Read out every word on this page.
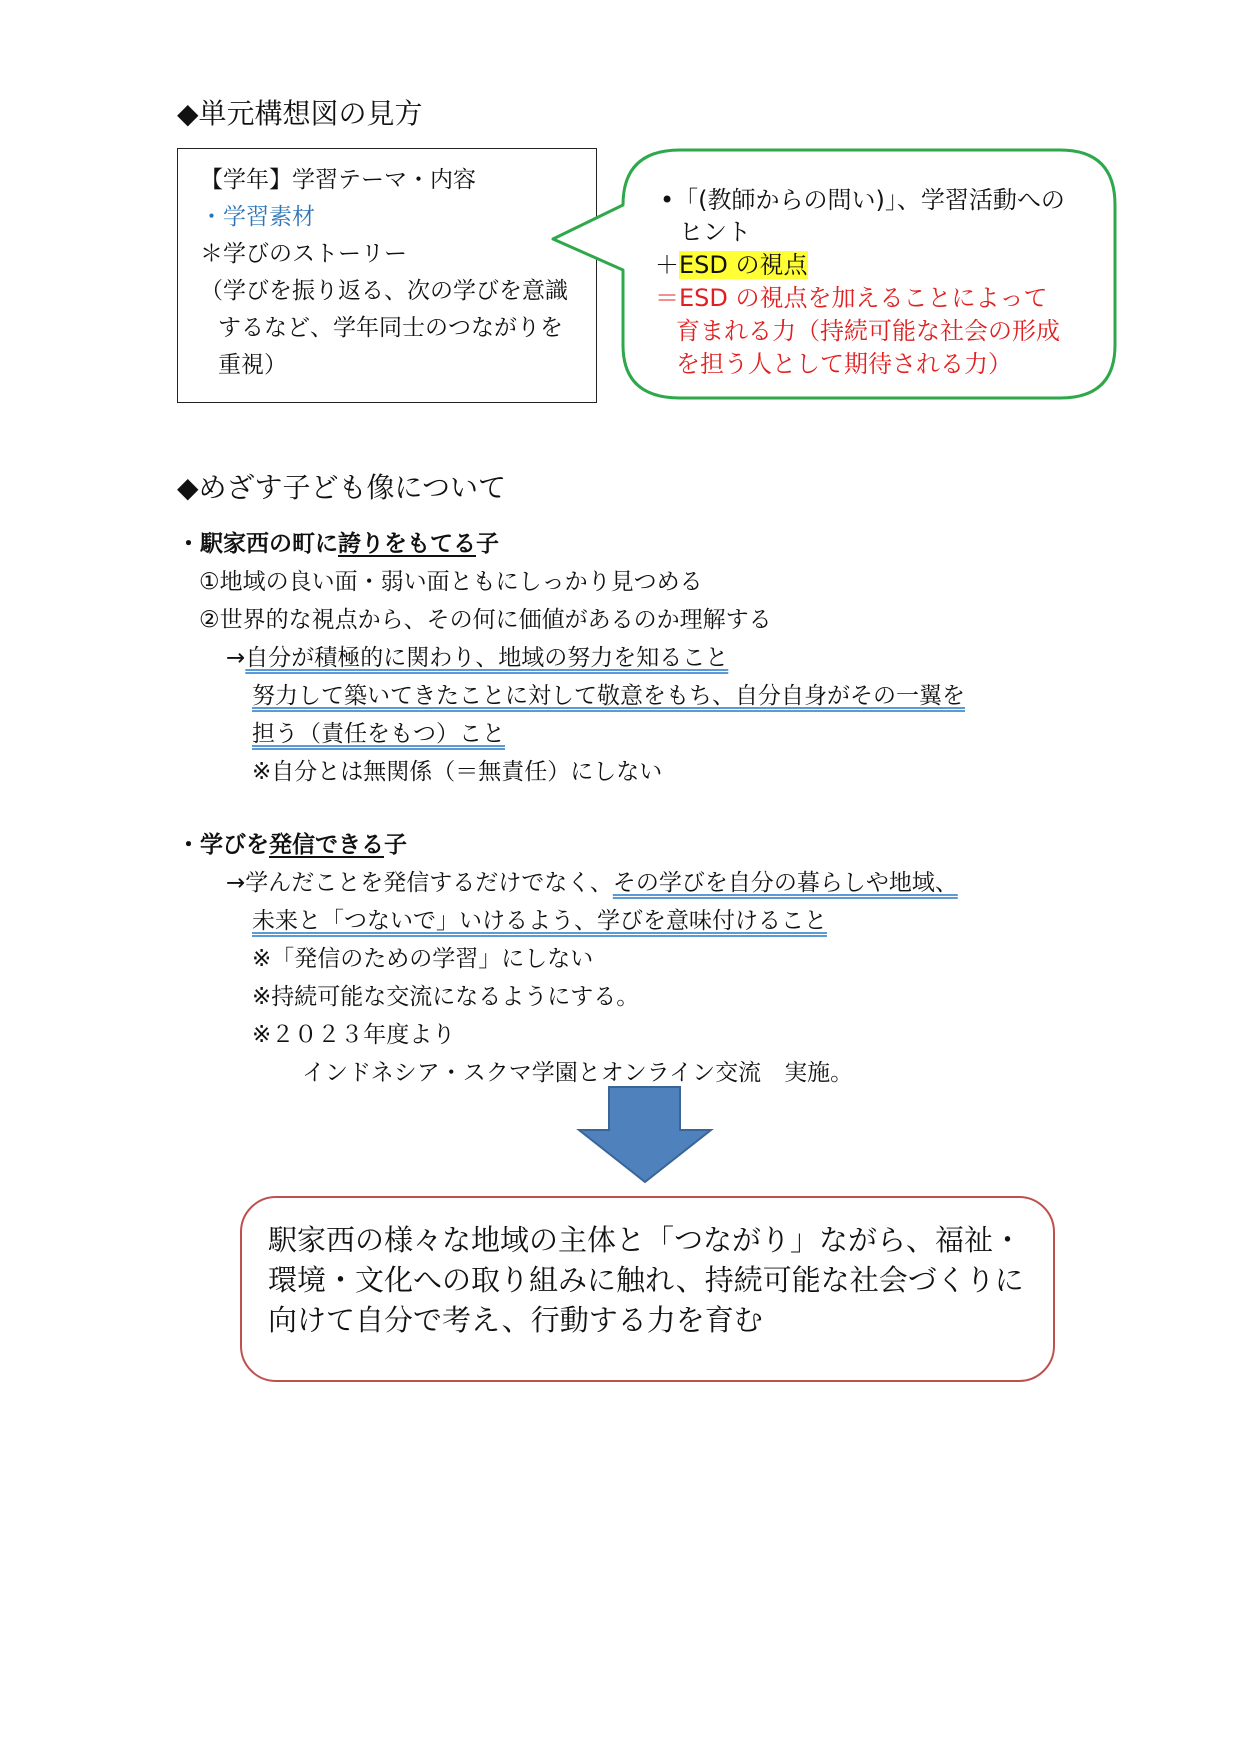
◆単元構想図の見方
【学年】学習テーマ・内容
・学習素材
＊学びのストーリー
（学びを振り返る、次の学びを意識
するなど、学年同士のつながりを
重視）
•「(教師からの問い)」、学習活動への
ヒント
＋ESD の視点
＝ESD の視点を加えることによって
育まれる力（持続可能な社会の形成
を担う人として期待される力）
◆めざす子ども像について
・駅家西の町に誇りをもてる子
①地域の良い面・弱い面ともにしっかり見つめる
②世界的な視点から、その何に価値があるのか理解する
→自分が積極的に関わり、地域の努力を知ること
努力して築いてきたことに対して敬意をもち、自分自身がその一翼を
担う（責任をもつ）こと
※自分とは無関係（＝無責任）にしない
・学びを発信できる子
→学んだことを発信するだけでなく、その学びを自分の暮らしや地域、
未来と「つないで」いけるよう、学びを意味付けること
※「発信のための学習」にしない
※持続可能な交流になるようにする。
※２０２３年度より
インドネシア・スクマ学園とオンライン交流　実施。
駅家西の様々な地域の主体と「つながり」ながら、福祉・
環境・文化への取り組みに触れ、持続可能な社会づくりに
向けて自分で考え、行動する力を育む
